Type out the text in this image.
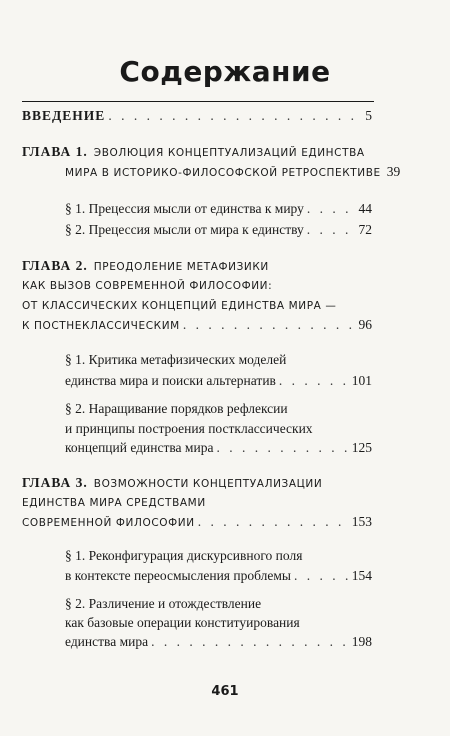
Содержание
ВВЕДЕНИЕ . . .	5
ГЛАВА 1. ЭВОЛЮЦИЯ КОНЦЕПТУАЛИЗАЦИЙ ЕДИНСТВА
МИРА В ИСТОРИКО-ФИЛОСОФСКОЙ РЕТРОСПЕКТИВЕ 39
§ 1. Прецессия мысли от единства к миру . . .	44
§ 2. Прецессия мысли от мира к единству . . .	72
ГЛАВА 2. ПРЕОДОЛЕНИЕ МЕТАФИЗИКИ
КАК ВЫЗОВ СОВРЕМЕННОЙ ФИЛОСОФИИ:
ОТ КЛАССИЧЕСКИХ КОНЦЕПЦИЙ ЕДИНСТВА МИРА —
К ПОСТНЕКЛАССИЧЕСКИМ . . .	96
§ 1. Критика метафизических моделей
единства мира и поиски альтернатив . . .	101
§ 2. Наращивание порядков рефлексии
и принципы построения постклассических
концепций единства мира . . .	125
ГЛАВА 3. ВОЗМОЖНОСТИ КОНЦЕПТУАЛИЗАЦИИ
ЕДИНСТВА МИРА СРЕДСТВАМИ
СОВРЕМЕННОЙ ФИЛОСОФИИ . . .	153
§ 1. Реконфигурация дискурсивного поля
в контексте переосмысления проблемы . . .	154
§ 2. Различение и отождествление
как базовые операции конституирования
единства мира . . .	198
461
